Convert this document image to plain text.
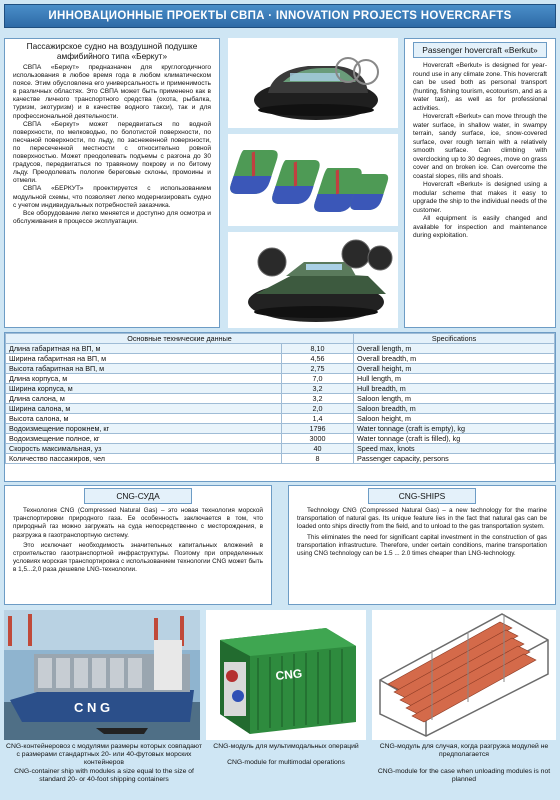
ИННОВАЦИОННЫЕ ПРОЕКТЫ СВПА · INNOVATION PROJECTS HOVERCRAFTS
Пассажирское судно на воздушной подушке амфибийного типа «Беркут»

СВПА «Беркут» предназначен для круглогодичного использования в любое время года в любом климатическом поясе. Этим обусловлена его универсальность и применимость в различных областях. Это СВПА может быть применено как в качестве личного транспортного средства (охота, рыбалка, туризм, экотуризм) и в качестве водного такси), так и для профессиональной деятельности.

СВПА «Беркут» может передвигаться по водной поверхности, по мелководью, по болотистой поверхности, по песчаной поверхности, по льду, по заснеженной поверхности, по пересеченной местности с относительно ровной поверхностью. Может преодолевать подъемы с разгона до 30 градусов, передвигаться по травяному покрову и по битому льду. Преодолевать пологие береговые склоны, промоины и отмели.

СВПА «БЕРКУТ» проектируется с использованием модульной схемы, что позволяет легко модернизировать судно с учетом индивидуальных потребностей заказчика.

Все оборудование легко меняется и доступно для осмотра и обслуживания в процессе эксплуатации.

Passenger hovercraft «Berkut»

Hovercraft «Berkut» is designed for year-round use in any climate zone. This hovercraft can be used both as personal transport (hunting, fishing tourism, ecotourism, and as a water taxi), as well as for professional activities.

Hovercraft «Berkut» can move through the water surface, in shallow water, in swampy terrain, sandy surface, ice, snow-covered surface, over rough terrain with a relatively smooth surface. Can climbing with overclocking up to 30 degrees, move on grass cover and on broken ice. Can overcome the coastal slopes, rills and shoals.

Hovercraft «Berkut» is designed using a modular scheme that makes it easy to upgrade the ship to the individual needs of the customer.

All equipment is easily changed and available for inspection and maintenance during exploitation.

Основные технические данные		Specifications
Длина габаритная на ВП, м	8,10	Overall length, m
Ширина габаритная на ВП, м	4,56	Overall breadth, m
Высота габаритная на ВП, м	2,75	Overall height, m
Длина корпуса, м	7,0	Hull length, m
Ширина корпуса, м	3,2	Hull breadth, m
Длина салона, м	3,2	Saloon length, m
Ширина салона, м	2,0	Saloon breadth, m
Высота салона, м	1,4	Saloon height, m
Водоизмещение порожнем, кг	1796	Water tonnage (craft is empty), kg
Водоизмещение полное, кг	3000	Water tonnage (craft is filled), kg
Скорость максимальная, уз	40	Speed max, knots
Количество пассажиров, чел	8	Passenger capacity, persons
CNG-СУДА

Технология CNG (Compressed Natural Gas) – это новая технология морской транспортировки природного газа. Ее особенность заключается в том, что природный газ можно загружать на суда непосредственно с месторождения, в разгрузка в газотранспортную систему.

Это исключает необходимость значительных капитальных вложений в строительство газотранспортной инфраструктуры. Поэтому при определенных условиях морская транспортировка с использованием технологии CNG может быть в 1,5...2,0 раза дешевле LNG-технологии.

CNG-SHIPS

Technology CNG (Compressed Natural Gas) – a new technology for the marine transportation of natural gas. Its unique feature lies in the fact that natural gas can be loaded onto ships directly from the field, and to unload to the gas transportation system.

This eliminates the need for significant capital investment in the construction of gas transportation infrastructure. Therefore, under certain conditions, marine transportation using CNG technology can be 1.5 ... 2.0 times cheaper than LNG-technology.

C N G
CNG
CNG-контейнеровоз с модулями размеры которых совпадают с размерами стандартных 20- или 40-футовых морских контейнеров
CNG-container ship with modules a size equal to the size of standard 20- or 40-foot shipping containers
CNG-модуль для мультимодальных операций

CNG-module for multimodal operations
CNG-модуль для случая, когда разгрузка модулей не предполагается

CNG-module for the case when unloading modules is not planned
